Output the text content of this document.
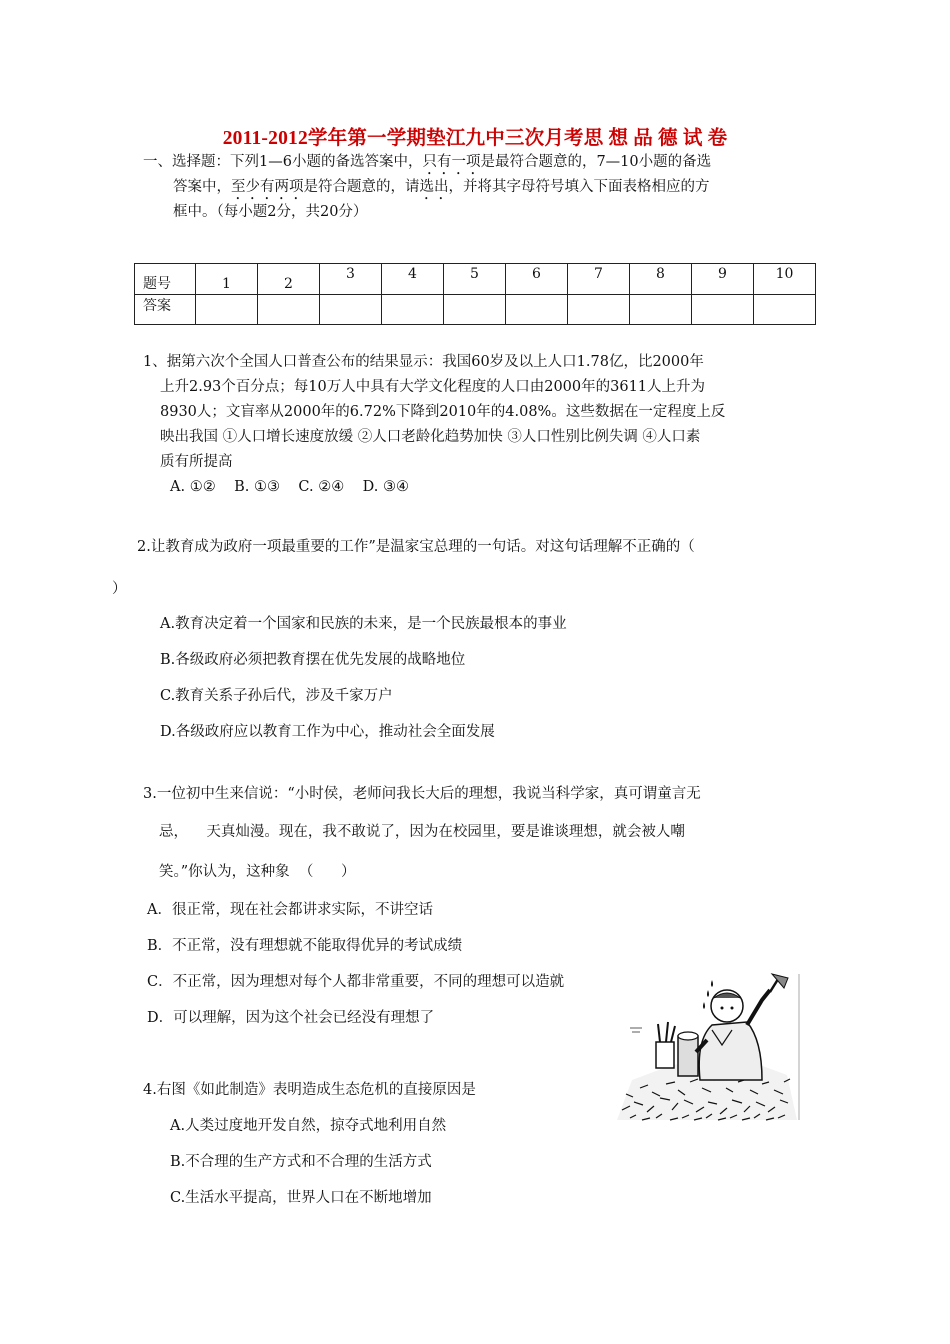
2011-2012学年第一学期垫江九中三次月考思 想 品 德 试 卷
一、选择题：下列1—6小题的备选答案中，只有一项是最符合题意的，7—10小题的备选
答案中，至少有两项是符合题意的，请选出，并将其字母符号填入下面表格相应的方
框中。（每小题2分，共20分）
题号	1	2	3	4	5	6	7	8	9	10

答案										
1、据第六次个全国人口普查公布的结果显示：我国60岁及以上人口1.78亿，比2000年
上升2.93个百分点；每10万人中具有大学文化程度的人口由2000年的3611人上升为
8930人；文盲率从2000年的6.72%下降到2010年的4.08%。这些数据在一定程度上反
映出我国 ①人口增长速度放缓 ②人口老龄化趋势加快 ③人口性别比例失调 ④人口素
质有所提高
A. ①②    B. ①③    C. ②④    D. ③④
2.让教育成为政府一项最重要的工作”是温家宝总理的一句话。对这句话理解不正确的（
）
A.教育决定着一个国家和民族的未来，是一个民族最根本的事业
B.各级政府必须把教育摆在优先发展的战略地位
C.教育关系子孙后代，涉及千家万户
D.各级政府应以教育工作为中心，推动社会全面发展
3.一位初中生来信说：“小时侯，老师问我长大后的理想，我说当科学家，真可谓童言无
忌，    天真灿漫。现在，我不敢说了，因为在校园里，要是谁谈理想，就会被人嘲
笑。”你认为，这种象  （      ）
A．很正常，现在社会都讲求实际，不讲空话
B．不正常，没有理想就不能取得优异的考试成绩
C．不正常，因为理想对每个人都非常重要，不同的理想可以造就
D．可以理解，因为这个社会已经没有理想了
4.右图《如此制造》表明造成生态危机的直接原因是
A.人类过度地开发自然，掠夺式地利用自然
B.不合理的生产方式和不合理的生活方式
C.生活水平提高，世界人口在不断地增加
